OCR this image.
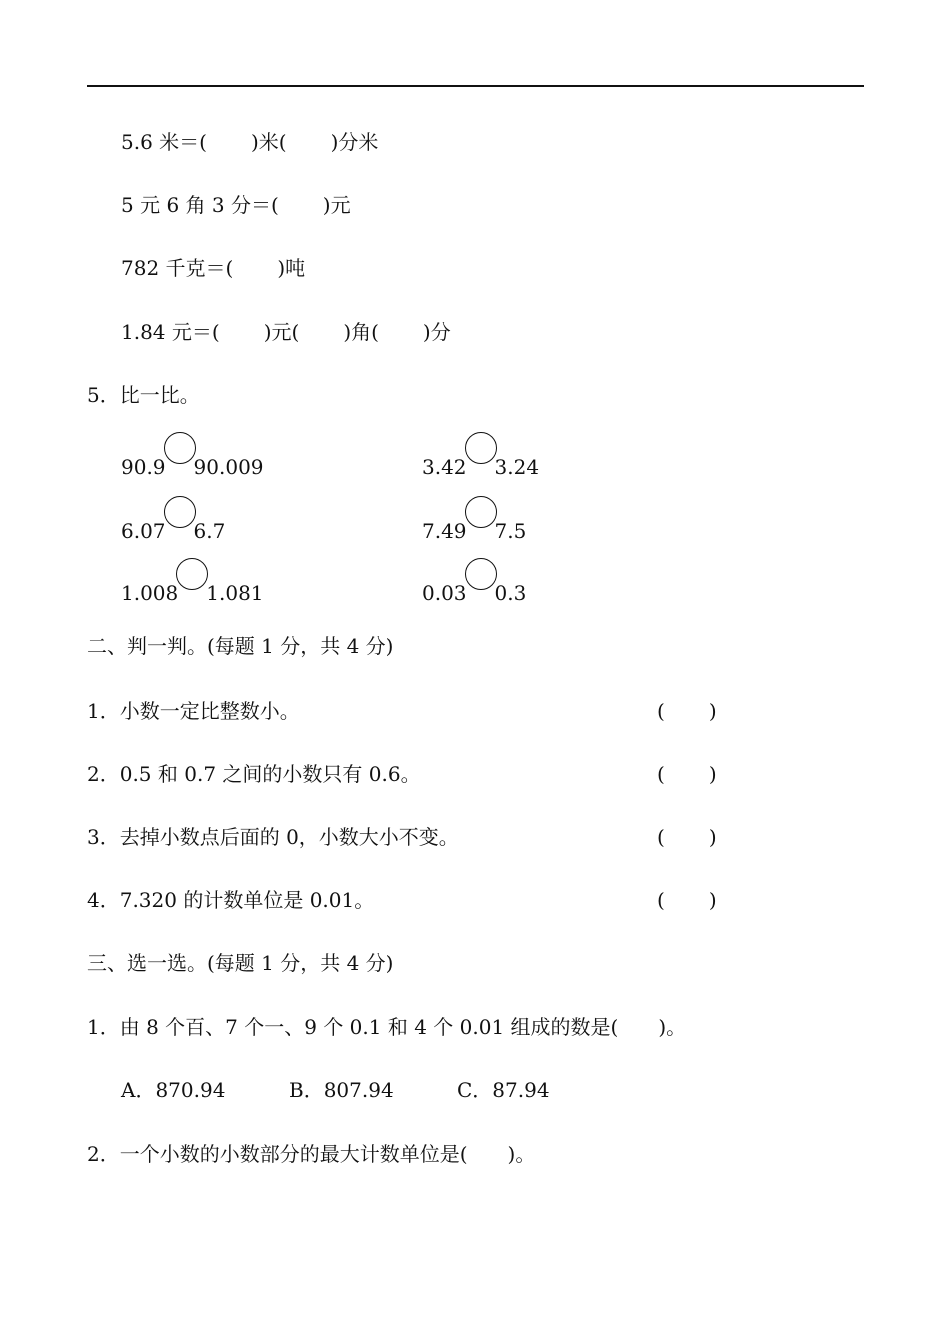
5.6 米＝( )米( )分米
5 元 6 角 3 分＝( )元
782 千克＝( )吨
1.84 元＝( )元( )角( )分
5．比一比。
90.9 90.009	3.42 3.24
6.07 6.7	7.49 7.5
1.008 1.081	0.03 0.3
二、判一判。(每题 1 分，共 4 分)
1．小数一定比整数小。	( )
2．0.5 和 0.7 之间的小数只有 0.6。	( )
3．去掉小数点后面的 0，小数大小不变。	( )
4．7.320 的计数单位是 0.01。	( )
三、选一选。(每题 1 分，共 4 分)
1．由 8 个百、7 个一、9 个 0.1 和 4 个 0.01 组成的数是( )。
A．870.94	B．807.94	C．87.94
2．一个小数的小数部分的最大计数单位是( )。
